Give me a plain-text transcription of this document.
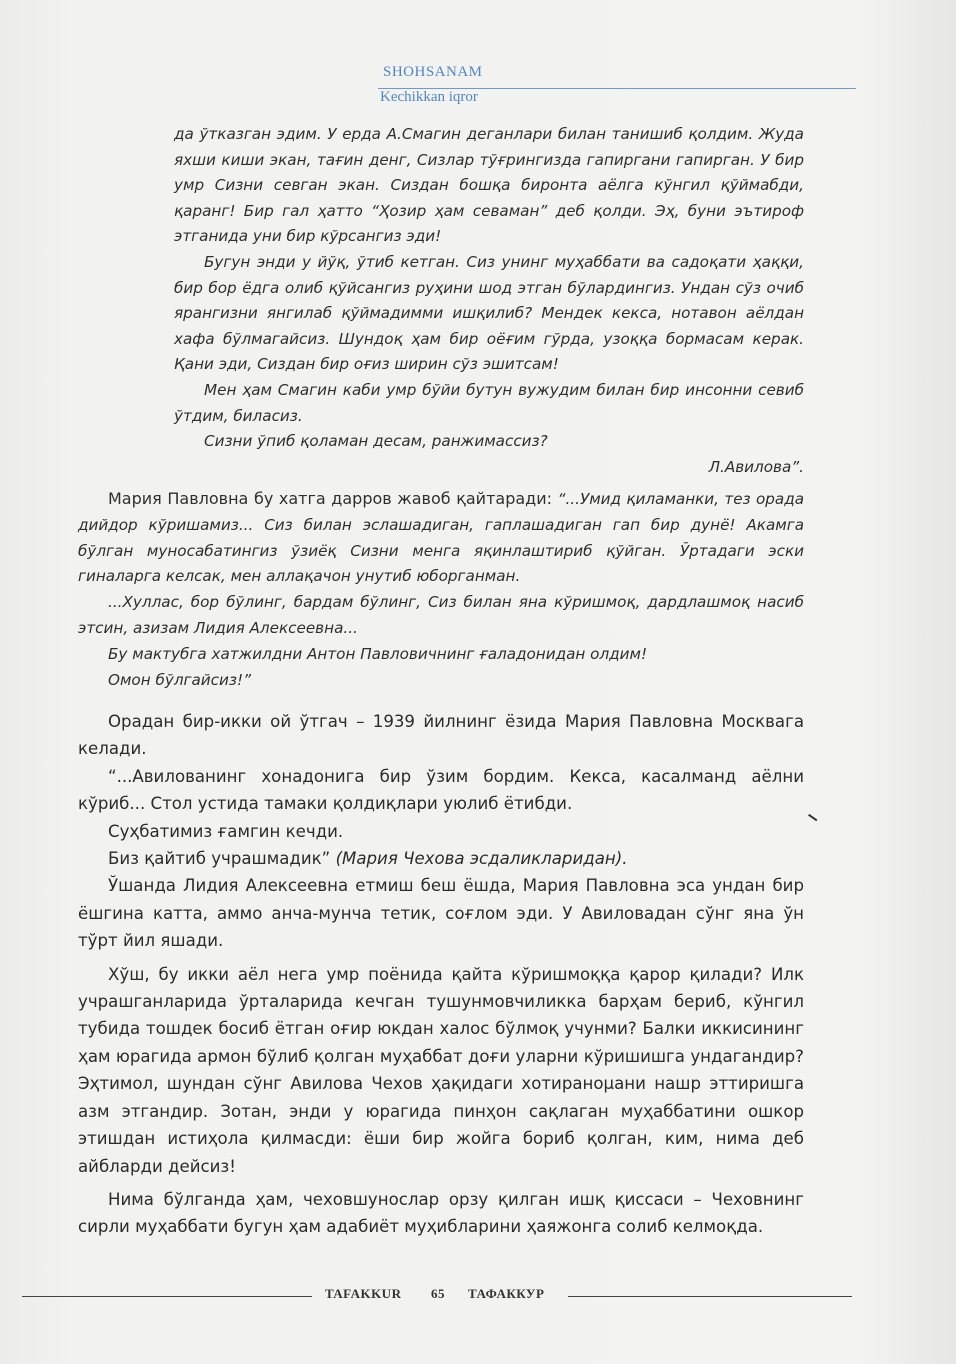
SHOHSANAM
Kechikkan iqror

да ўтказган эдим. У ерда А.Смагин деганлари билан танишиб қолдим. Жуда яхши киши экан, тағин денг, Сизлар тўғрингизда гапиргани гапирган. У бир умр Сизни севган экан. Сиздан бошқа биронта аёлга кўнгил қўймабди, қаранг! Бир гал ҳатто “Ҳозир ҳам севаман” деб қолди. Эҳ, буни эътироф этганида уни бир кўрсангиз эди!

Бугун энди у йўқ, ўтиб кетган. Сиз унинг муҳаббати ва садоқати ҳаққи, бир бор ёдга олиб қўйсангиз руҳини шод этган бўлардингиз. Ундан сўз очиб ярангизни янгилаб қўймадимми ишқилиб? Мендек кекса, нотавон аёлдан хафа бўлмагайсиз. Шундоқ ҳам бир оёғим гўрда, узоққа бормасам керак. Қани эди, Сиздан бир оғиз ширин сўз эшитсам!

Мен ҳам Смагин каби умр бўйи бутун вужудим билан бир инсонни севиб ўтдим, биласиз.

Сизни ўпиб қоламан десам, ранжимассиз?

Л.Авилова”.

Мария Павловна бу хатга дарров жавоб қайтаради: “...Умид қиламанки, тез орада дийдор кўришамиз... Сиз билан эслашадиган, гаплашадиган гап бир дунё! Акамга бўлган муносабатингиз ўзиёқ Сизни менга яқинлаштириб қўйган. Ўртадаги эски гиналарга келсак, мен аллақачон унутиб юборганман.

...Хуллас, бор бўлинг, бардам бўлинг, Сиз билан яна кўришмоқ, дардлашмоқ насиб этсин, азизам Лидия Алексеевна...

Бу мактубга хатжилдни Антон Павловичнинг ғаладонидан олдим!

Омон бўлгайсиз!”

Орадан бир-икки ой ўтгач – 1939 йилнинг ёзида Мария Павловна Москвага келади.

“...Авилованинг хонадонига бир ўзим бордим. Кекса, касалманд аёлни кўриб... Стол устида тамаки қолдиқлари уюлиб ётибди.

Суҳбатимиз ғамгин кечди.

Биз қайтиб учрашмадик” (Мария Чехова эсдаликларидан).

Ўшанда Лидия Алексеевна етмиш беш ёшда, Мария Павловна эса ундан бир ёшгина катта, аммо анча-мунча тетик, соғлом эди. У Авиловадан сўнг яна ўн тўрт йил яшади.

Хўш, бу икки аёл нега умр поёнида қайта кўришмоққа қарор қилади? Илк учрашганларида ўрталарида кечган тушунмовчиликка барҳам бериб, кўнгил тубида тошдек босиб ётган оғир юкдан халос бўлмоқ учунми? Балки иккисининг ҳам юрагида армон бўлиб қолган муҳаббат доғи уларни кўришишга ундагандир? Эҳтимол, шундан сўнг Авилова Чехов ҳақидаги хотиранομани нашр эттиришга азм этгандир. Зотан, энди у юрагида пинҳон сақлаган муҳаббатини ошкор этишдан истиҳола қилмасди: ёши бир жойга бориб қолган, ким, нима деб айбларди дейсиз!

Нима бўлганда ҳам, чеховшунослар орзу қилган ишқ қиссаси – Чеховнинг сирли муҳаббати бугун ҳам адабиёт муҳибларини ҳаяжонга солиб келмоқда.

TAFAKKUR 65 ТАФАККУР
